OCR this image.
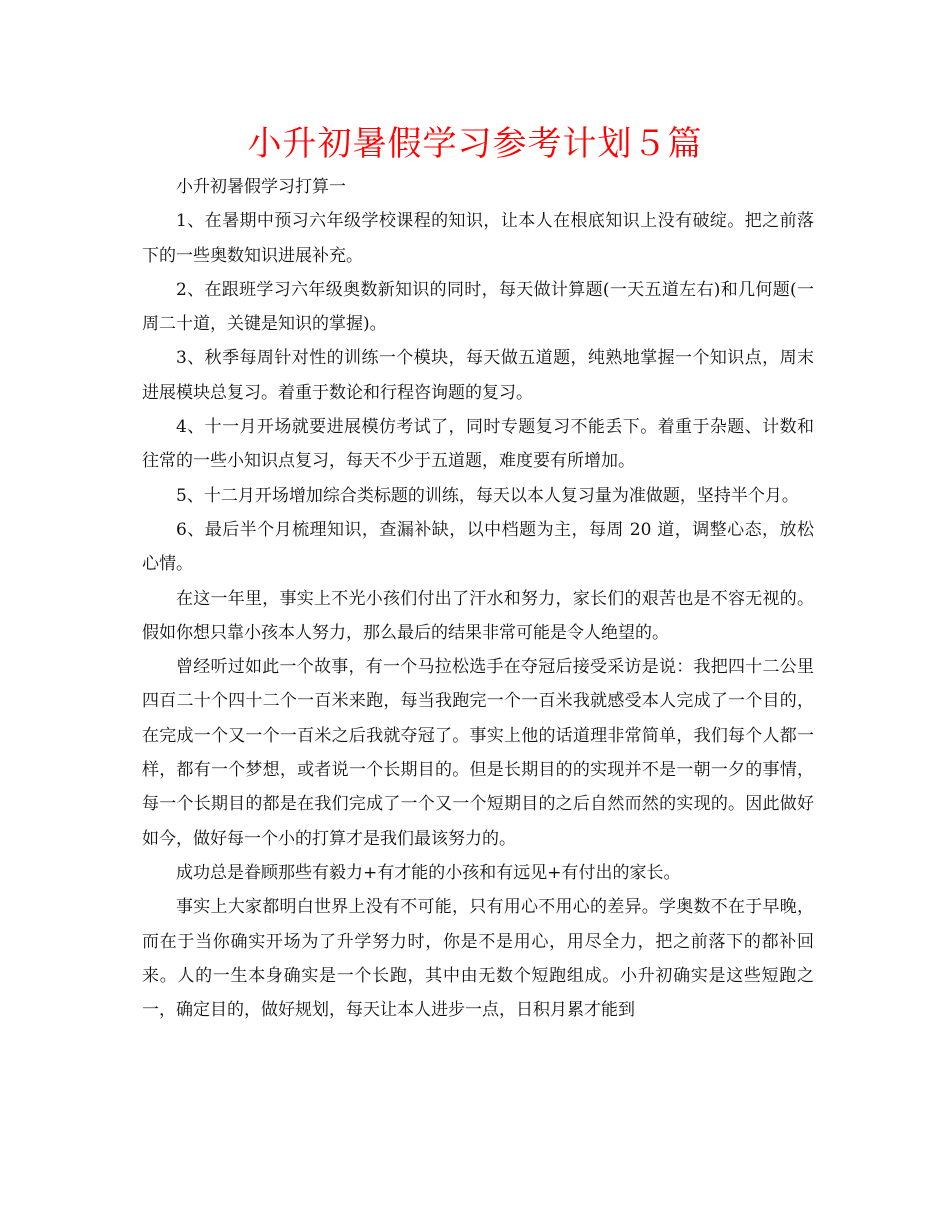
小升初暑假学习参考计划５篇

小升初暑假学习打算一

1、在暑期中预习六年级学校课程的知识，让本人在根底知识上没有破绽。把之前落下的一些奥数知识进展补充。

2、在跟班学习六年级奥数新知识的同时，每天做计算题(一天五道左右)和几何题(一周二十道，关键是知识的掌握)。

3、秋季每周针对性的训练一个模块，每天做五道题，纯熟地掌握一个知识点，周末进展模块总复习。着重于数论和行程咨询题的复习。

4、十一月开场就要进展模仿考试了，同时专题复习不能丢下。着重于杂题、计数和往常的一些小知识点复习，每天不少于五道题，难度要有所增加。

5、十二月开场增加综合类标题的训练，每天以本人复习量为准做题，坚持半个月。

6、最后半个月梳理知识，查漏补缺，以中档题为主，每周 20 道，调整心态，放松心情。

在这一年里，事实上不光小孩们付出了汗水和努力，家长们的艰苦也是不容无视的。假如你想只靠小孩本人努力，那么最后的结果非常可能是令人绝望的。

曾经听过如此一个故事，有一个马拉松选手在夺冠后接受采访是说：我把四十二公里四百二十个四十二个一百米来跑，每当我跑完一个一百米我就感受本人完成了一个目的，在完成一个又一个一百米之后我就夺冠了。事实上他的话道理非常简单，我们每个人都一样，都有一个梦想，或者说一个长期目的。但是长期目的的实现并不是一朝一夕的事情，每一个长期目的都是在我们完成了一个又一个短期目的之后自然而然的实现的。因此做好如今，做好每一个小的打算才是我们最该努力的。

成功总是眷顾那些有毅力+有才能的小孩和有远见+有付出的家长。

事实上大家都明白世界上没有不可能，只有用心不用心的差异。学奥数不在于早晚，而在于当你确实开场为了升学努力时，你是不是用心，用尽全力，把之前落下的都补回来。人的一生本身确实是一个长跑，其中由无数个短跑组成。小升初确实是这些短跑之一，确定目的，做好规划，每天让本人进步一点，日积月累才能到
